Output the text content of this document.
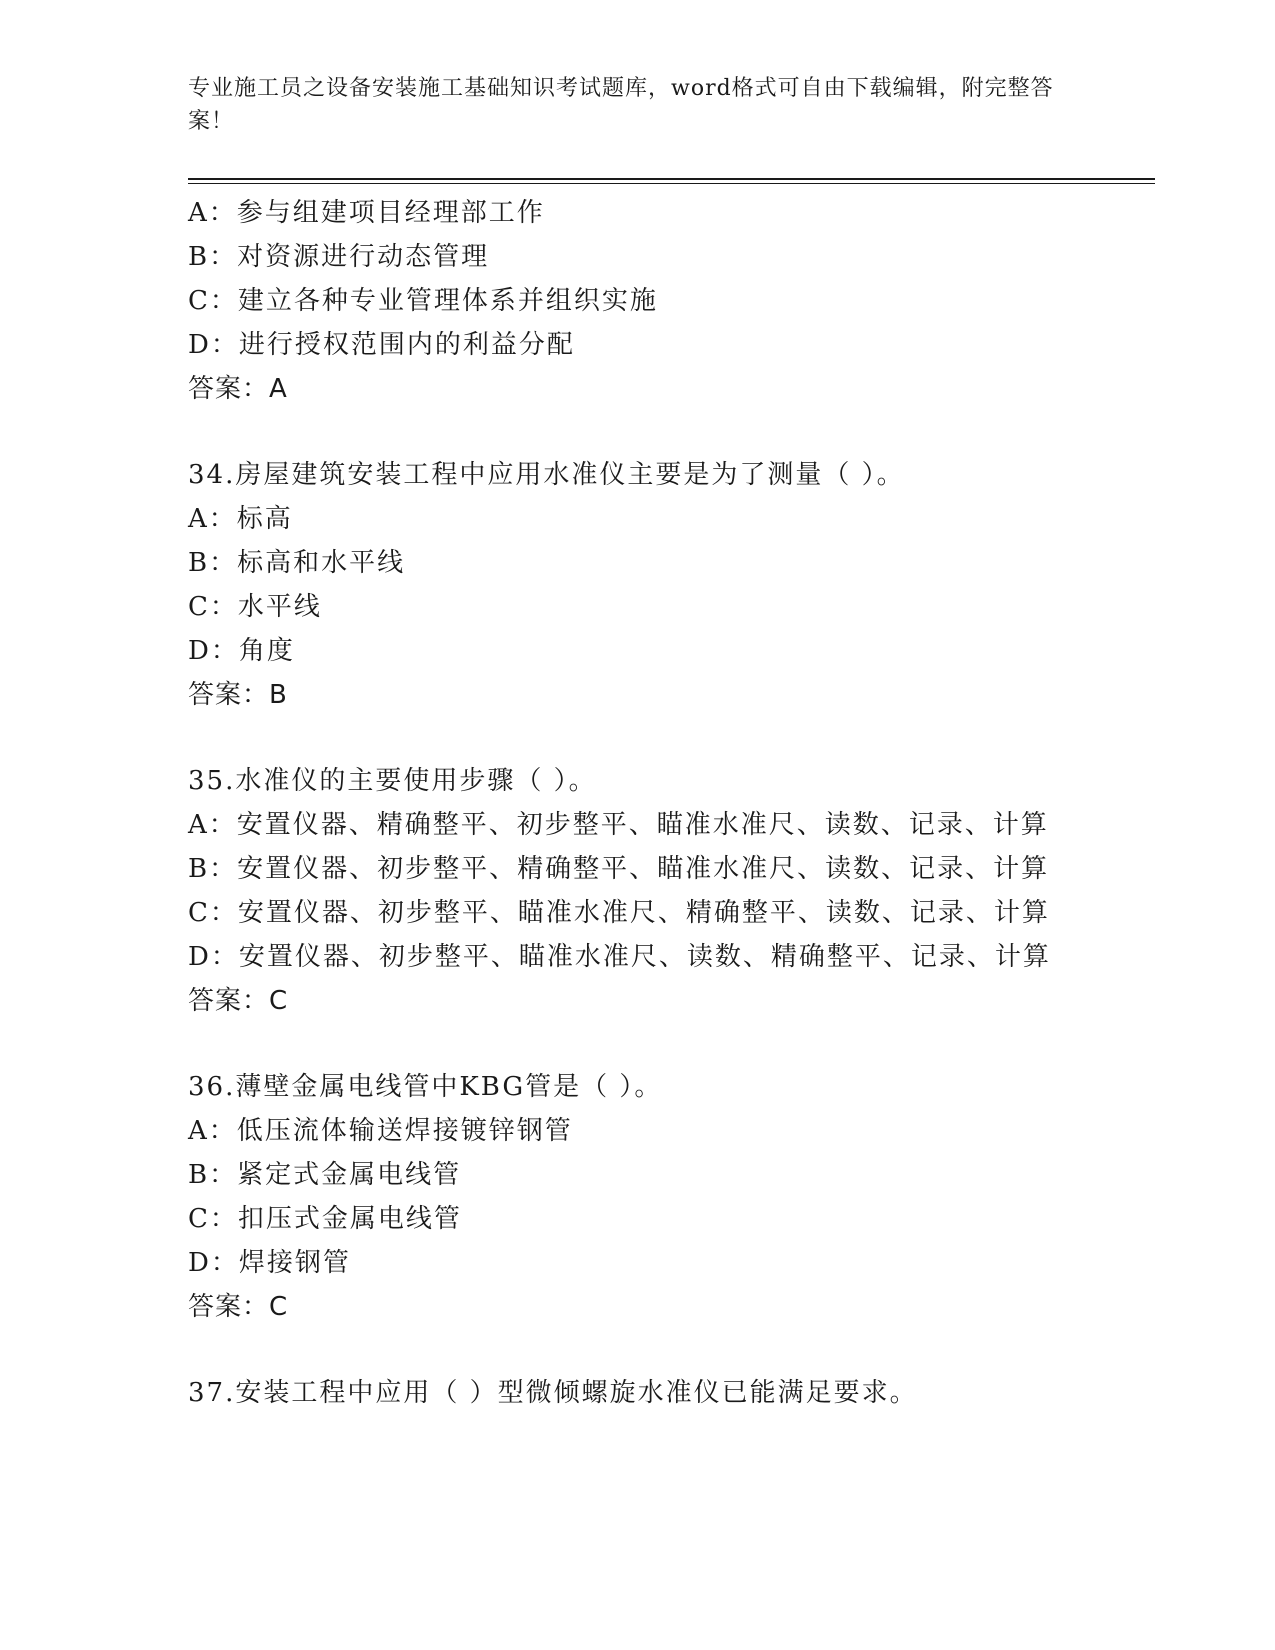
专业施工员之设备安装施工基础知识考试题库，word格式可自由下载编辑，附完整答案！
A：参与组建项目经理部工作
B：对资源进行动态管理
C：建立各种专业管理体系并组织实施
D：进行授权范围内的利益分配
答案：A
34.房屋建筑安装工程中应用水准仪主要是为了测量（ ）。
A：标高
B：标高和水平线
C：水平线
D：角度
答案：B
35.水准仪的主要使用步骤（ ）。
A：安置仪器、精确整平、初步整平、瞄准水准尺、读数、记录、计算
B：安置仪器、初步整平、精确整平、瞄准水准尺、读数、记录、计算
C：安置仪器、初步整平、瞄准水准尺、精确整平、读数、记录、计算
D：安置仪器、初步整平、瞄准水准尺、读数、精确整平、记录、计算
答案：C
36.薄壁金属电线管中KBG管是（ ）。
A：低压流体输送焊接镀锌钢管
B：紧定式金属电线管
C：扣压式金属电线管
D：焊接钢管
答案：C
37.安装工程中应用（ ）型微倾螺旋水准仪已能满足要求。
